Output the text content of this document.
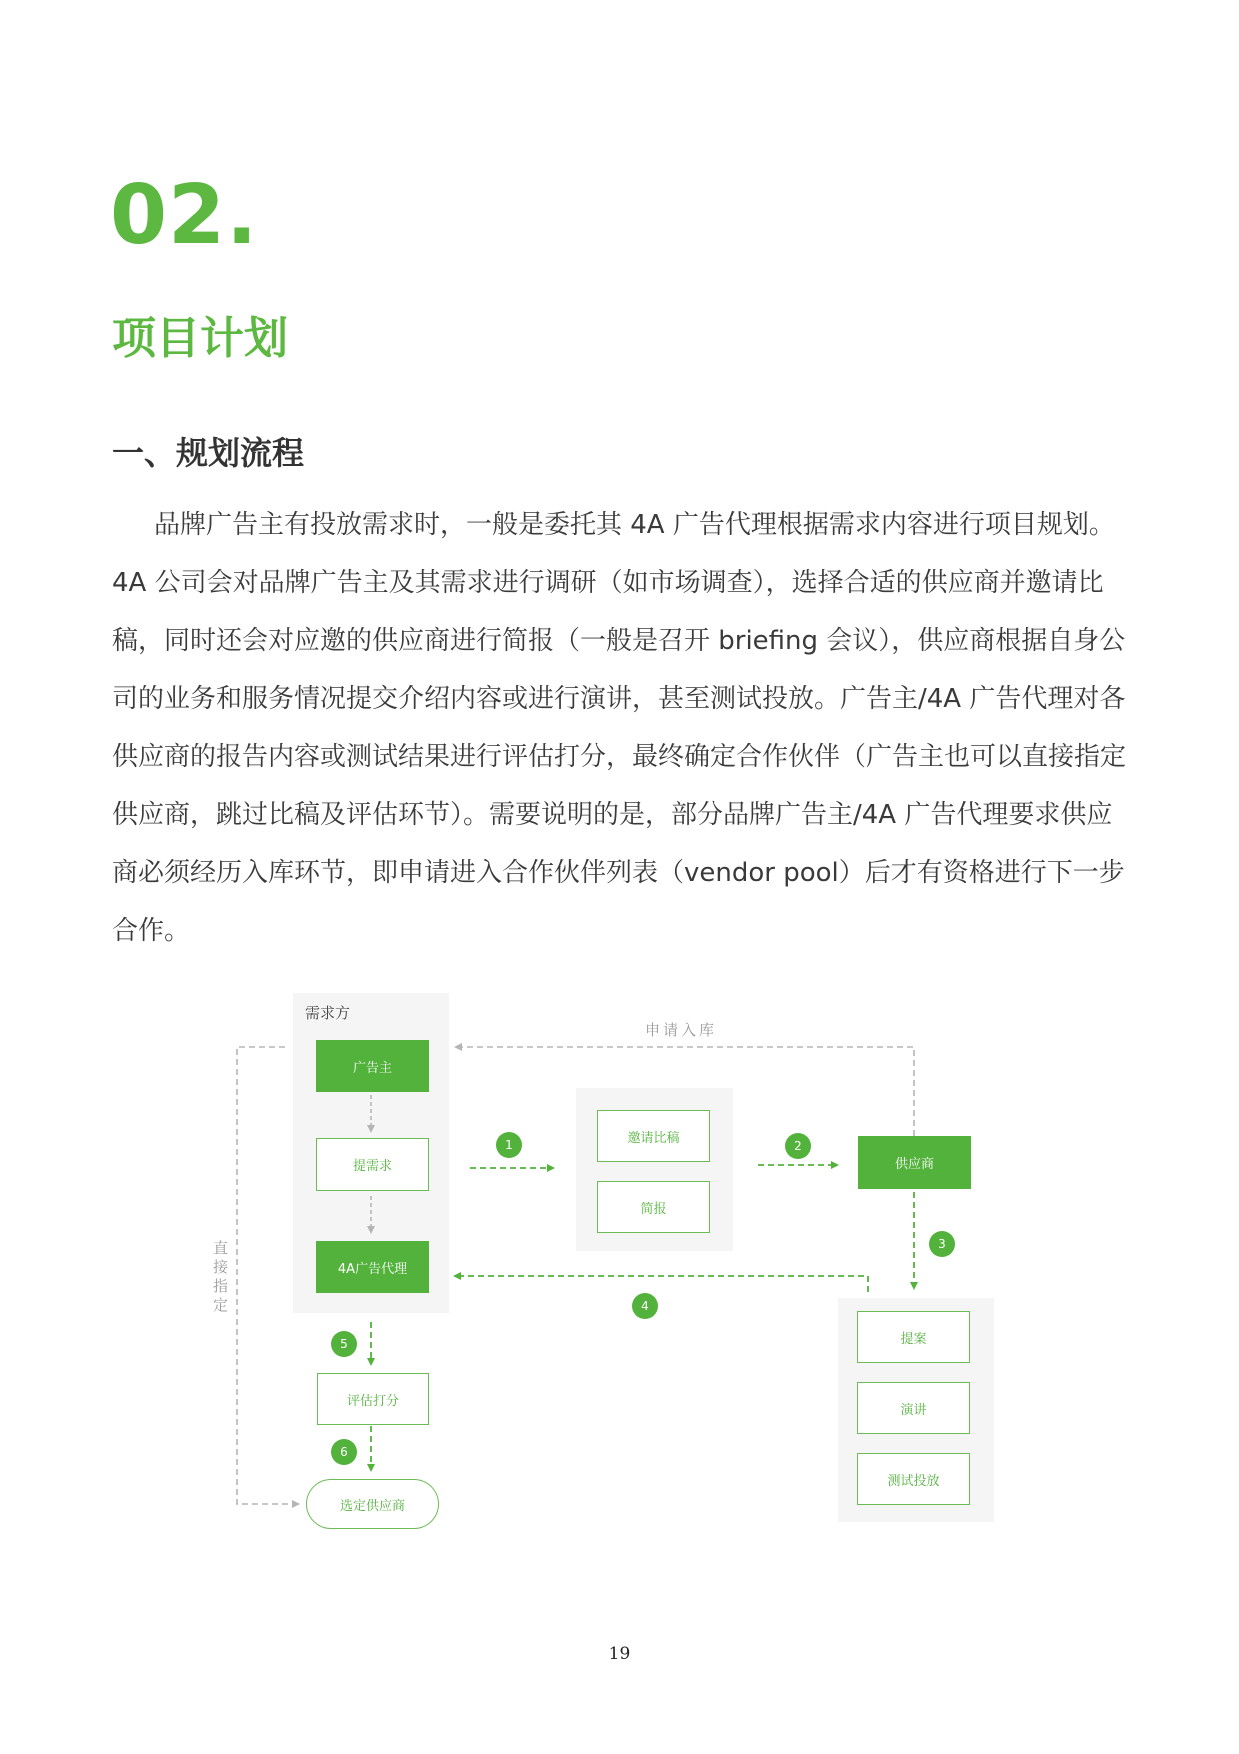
02.
项目计划
一、规划流程

品牌广告主有投放需求时，一般是委托其 4A 广告代理根据需求内容进行项目规划。4A 公司会对品牌广告主及其需求进行调研（如市场调查），选择合适的供应商并邀请比稿，同时还会对应邀的供应商进行简报（一般是召开 briefing 会议），供应商根据自身公司的业务和服务情况提交介绍内容或进行演讲，甚至测试投放。广告主/4A 广告代理对各供应商的报告内容或测试结果进行评估打分，最终确定合作伙伴（广告主也可以直接指定供应商，跳过比稿及评估环节）。需要说明的是，部分品牌广告主/4A 广告代理要求供应商必须经历入库环节，即申请进入合作伙伴列表（vendor pool）后才有资格进行下一步合作。

需求方
广告主
提需求
4A广告代理
邀请比稿
简报
供应商
提案
演讲
测试投放
评估打分
选定供应商
1	2
3
4
5
6
申请入库
直接指定
19
